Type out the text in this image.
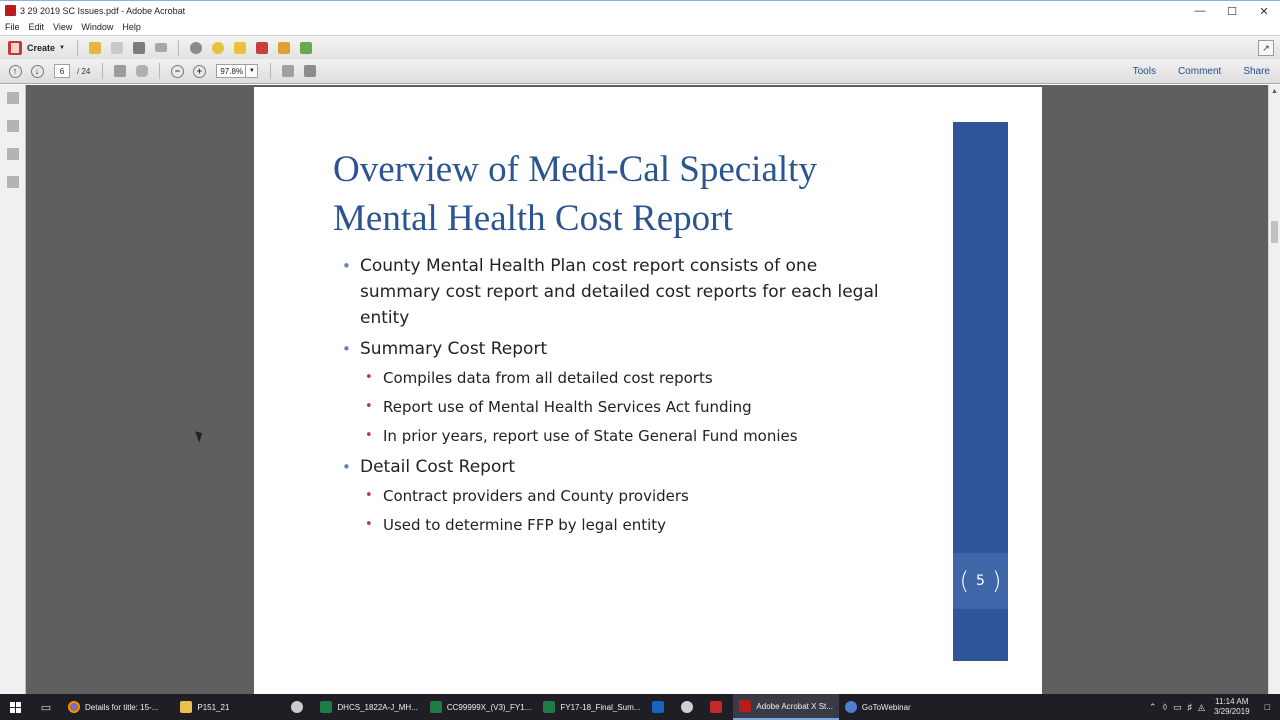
3 29 2019 SC Issues.pdf - Adobe Acrobat	—	☐	✕
File Edit View Window Help
Create ▼	↗
↑	↓	6	/ 24	−	+	97.8% ▼	Tools Comment Share
Overview of Medi-Cal Specialty
Mental Health Cost Report
• County Mental Health Plan cost report consists of one summary cost report and detailed cost reports for each legal entity
• Summary Cost Report
• Compiles data from all detailed cost reports
• Report use of Mental Health Services Act funding
• In prior years, report use of State General Fund monies
• Detail Cost Report
• Contract providers and County providers
• Used to determine FFP by legal entity
( 5 )
▲
▭	Details for title: 15-...	P151_21	DHCS_1822A-J_MH...	CC99999X_(V3)_FY1...	FY17-18_Final_Sum...	Adobe Acrobat X St...	GoToWebinar	⌃ ◊ ▭ ♯ ◬ 11:14 AM
3/29/2019 □
